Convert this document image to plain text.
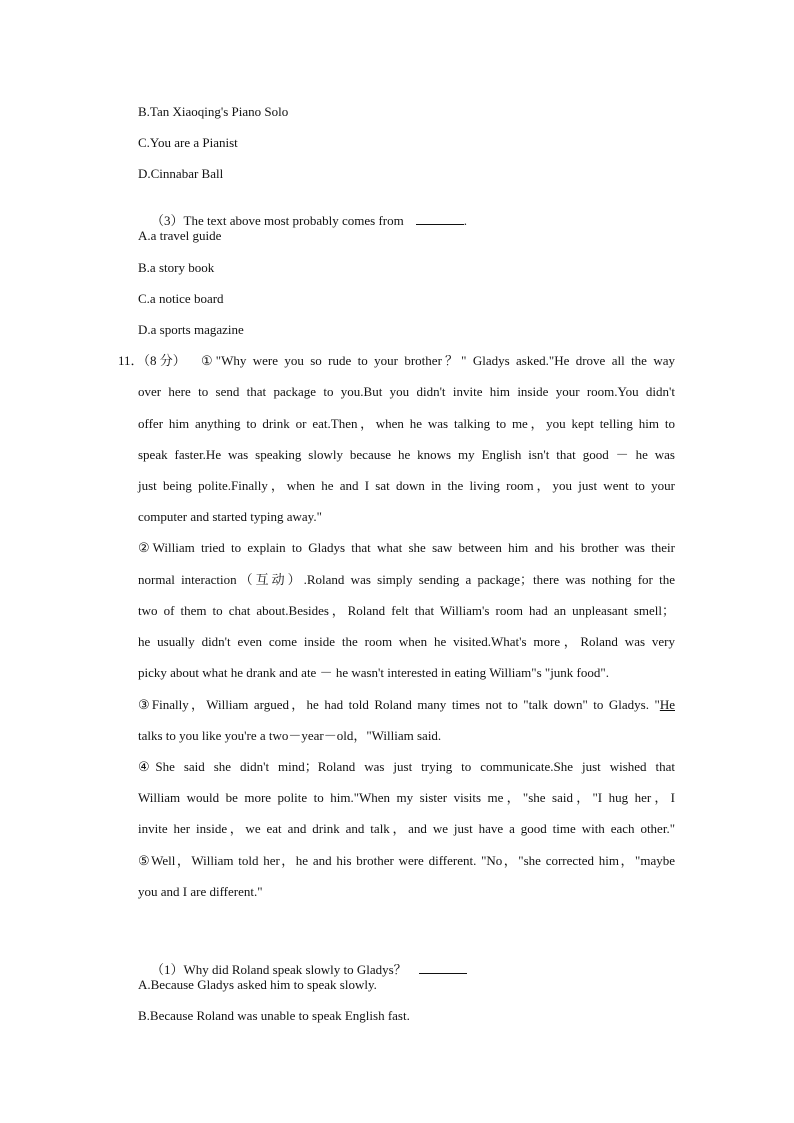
B.Tan Xiaoqing's Piano Solo
C.You are a Pianist
D.Cinnabar Ball

（3）The text above most probably comes from	.

A.a travel guide
B.a story book
C.a notice board
D.a sports magazine
11．（8 分） ①"Why were you so rude to your brother？" Gladys asked."He drove all the way
over here to send that package to you.But you didn't invite him inside your room.You didn't
offer him anything to drink or eat.Then，when he was talking to me，you kept telling him to
speak faster.He was speaking slowly because he knows my English isn't that good － he was
just being polite.Finally，when he and I sat down in the living room，you just went to your
computer and started typing away."
②William tried to explain to Gladys that what she saw between him and his brother was their
normal interaction（互动）.Roland was simply sending a package；there was nothing for the
two of them to chat about.Besides，Roland felt that William's room had an unpleasant smell；
he usually didn't even come inside the room when he visited.What's more，Roland was very
picky about what he drank and ate － he wasn't interested in eating William"s "junk food".
③Finally，William argued，he had told Roland many times not to "talk down" to Gladys. "He
talks to you like you're a two－year－old，"William said.
④She said she didn't mind；Roland was just trying to communicate.She just wished that
William would be more polite to him."When my sister visits me，"she said，"I hug her，I
invite her inside，we eat and drink and talk，and we just have a good time with each other."
⑤Well，William told her，he and his brother were different. "No，"she corrected him，"maybe
you and I are different."

（1）Why did Roland speak slowly to Gladys？

A.Because Gladys asked him to speak slowly.
B.Because Roland was unable to speak English fast.
